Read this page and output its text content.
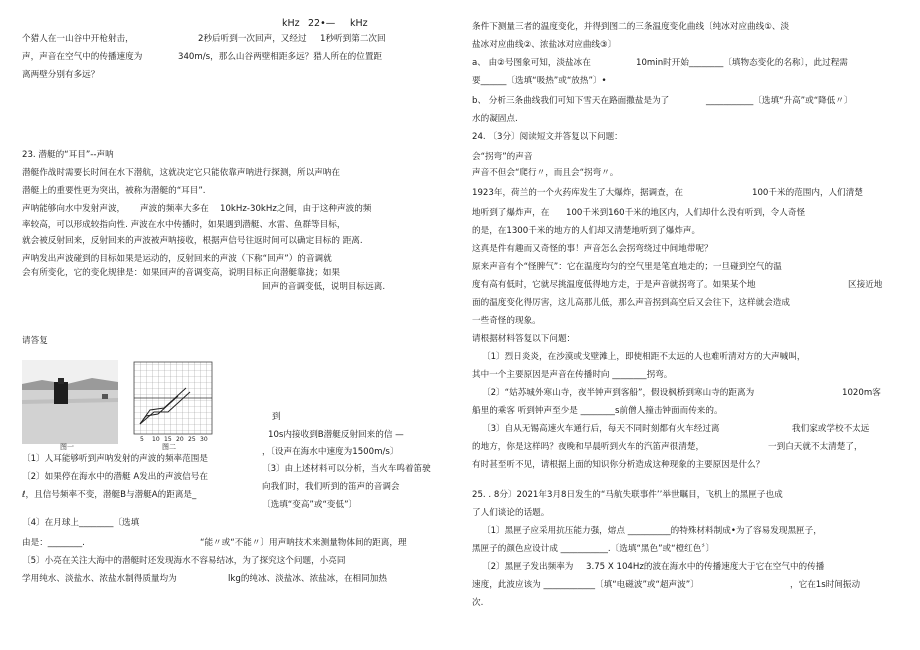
kHz 22•— kHz
个猎人在一山谷中开枪射击，	2秒后听到一次回声，又经过 1秒听到第二次回
声，声音在空气中的传播速度为	340m/s，那么山谷两壁相距多远？猎人所在的位置距
离两壁分别有多远？
23. 潜艇的“耳目”--声呐
潜艇作战时需要长时间在水下潜航，这就决定它只能依靠声呐进行探测，所以声呐在
潜艇上的重要性更为突出，被称为潜艇的“耳目”.
声呐能够向水中发射声波， 声波的频率大多在 10kHz-30kHz之间，由于这种声波的频
率较高，可以形成较指向性. 声波在水中传播时，如果遇到潜艇、水雷、鱼群等目标，
就会被反射回来，反射回来的声波被声呐接收，根据声信号往返时间可以确定目标的 距离.
声呐发出声波碰到的目标如果是运动的，反射回来的声波（下称“回声”）的音调就
会有所变化，它的变化规律是：如果回声的音调变高，说明目标正向潜艇靠拢；如果
回声的音调变低，说明目标远离.
请答复
图一
5 10 15 20 25 30
图二
到
10s内接收到B潜艇反射回来的信 —
，〔设声在海水中速度为1500m/s〕
〔3〕由上述材料可以分析，当火车鸣着笛驶
向我们时，我们听到的笛声的音调会
〔选填“变高”或“变低”〕
〔1〕人耳能够听到声呐发射的声波的频率范围是
〔2〕如果停在海水中的潜艇 A发出的声波信号在
ℓ，且信号频率不变，潜艇B与潜艇A的距离是_
〔4〕在月球上________〔选填
由是：________.	“能〃或“不能〃〕用声呐技术来测量物体间的距离，理
〔5〕小亮在关注大海中的潜艇时还发现海水不容易结冰，为了探究这个问题，小亮同
学用纯水、淡盐水、浓盐水制得质量均为	lkg的纯冰、淡盐冰、浓盐冰，在相同加热
条件下测量三者的温度变化，并得到图二的三条温度变化曲线〔纯冰对应曲线①、淡
盐冰对应曲线②、浓盐冰对应曲线③〕
a、 由②号图象可知，淡盐冰在	10min时开始________〔填物态变化的名称〕，此过程需
要______〔选填“吸热”或“放热”〕•
b、 分析三条曲线我们可知下雪天在路面撒盐是为了	___________〔选填“升高”或“降低〃〕
水的凝固点.
24. 〔3分〕阅读短文并答复以下问题：
会“拐弯”的声音
声音不但会“爬行〃，而且会“拐弯〃。
1923年，荷兰的一个火药库发生了大爆炸，据调查，在	100千米的范围内，人们清楚
地听到了爆炸声，在 100千米到160千米的地区内，人们却什么没有听到，令人奇怪
的是，在1300千米的地方的人们却又清楚地听到了爆炸声。
这真是件有趣而又奇怪的事！声音怎么会拐弯绕过中间地带呢？
原来声音有个“怪脾气”：它在温度均匀的空气里是笔直地走的；一旦碰到空气的温
度有高有低时，它就尽挑温度低得地方走，于是声音就拐弯了。如果某个地	区接近地
面的温度变化得厉害，这儿高那儿低，那么声音拐到高空后又会往下，这样就会造成
一些奇怪的现象。
请根据材料答复以下问题：
〔1〕烈日炎炎，在沙漠或戈壁滩上，即使相距不太远的人也难听清对方的大声喊叫，
其中一个主要原因是声音在传播时向 ________拐弯。
〔2〕“姑苏城外寒山寺，夜半钟声到客船”，假设枫桥到寒山寺的距离为	1020m客
船里的乘客 听到钟声至少是 ________s前僧人撞击钟面而传来的。
〔3〕自从无锡高速火车通行后，每天不同时刻都有火车经过离	我们家或学校不太远
的地方，你是这样吗？夜晚和早晨听到火车的汽笛声很清楚，	一到白天就不太清楚了，
有时甚至听不见，请根据上面的知识你分析造成这种现象的主要原因是什么？
25. . 8分〕2021年3月8日发生的“马航失联事件’’举世瞩目，飞机上的黑匣子也成
了人们谈论的话题。
〔1〕黑匣子应采用抗压能力强，熔点 __________的特殊材料制成•为了容易发现黑匣子，
黑匣子的颜色应设计成 ___________.〔选填“黑色”或“橙红色〞〕
〔2〕黑匣子发出频率为 3.75 X 104Hz的波在海水中的传播速度大于它在空气中的传播
速度，此波应该为 ____________〔填“电磁波”或“超声波”〕	，它在1s时间振动
次.
